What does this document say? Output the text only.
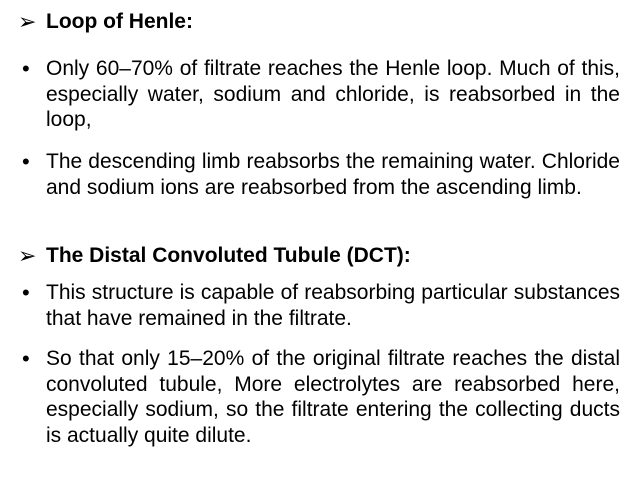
➢ Loop of Henle:
• Only 60–70% of filtrate reaches the Henle loop. Much of this, especially water, sodium and chloride, is reabsorbed in the loop,
• The descending limb reabsorbs the remaining water. Chloride and sodium ions are reabsorbed from the ascending limb.
➢ The Distal Convoluted Tubule (DCT):
• This structure is capable of reabsorbing particular substances that have remained in the filtrate.
• So that only 15–20% of the original filtrate reaches the distal convoluted tubule, More electrolytes are reabsorbed here, especially sodium, so the filtrate entering the collecting ducts is actually quite dilute.
